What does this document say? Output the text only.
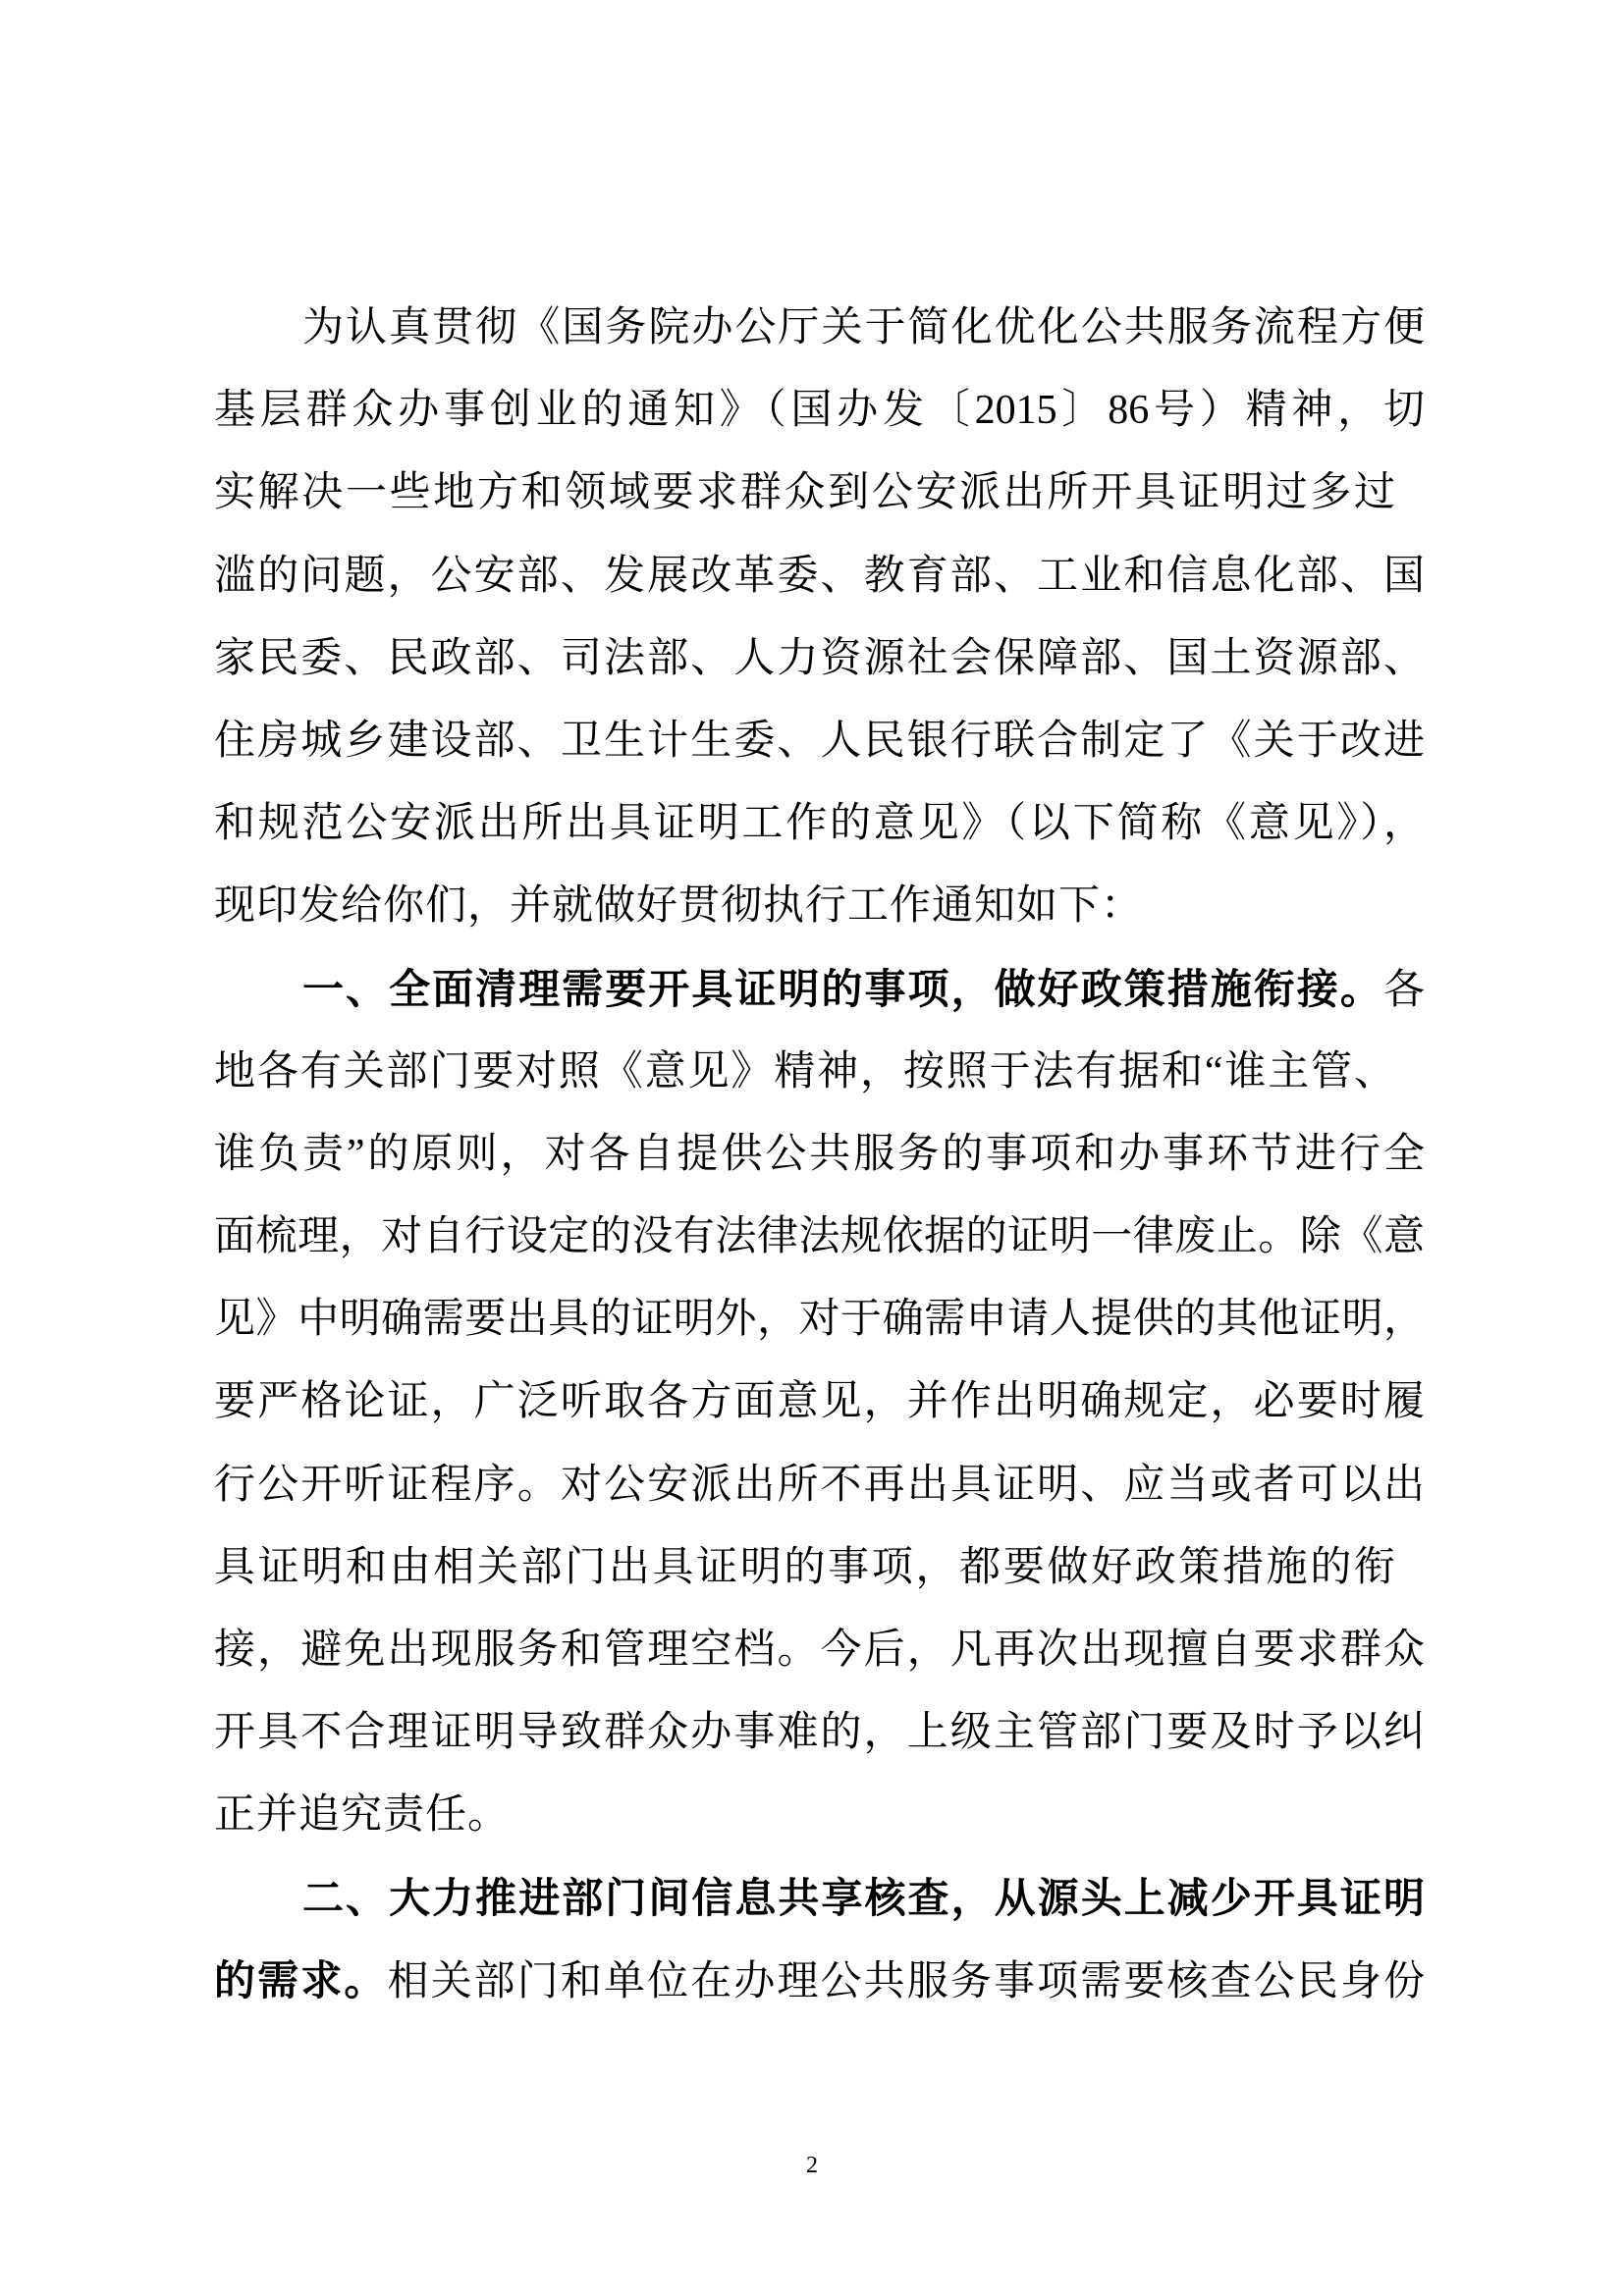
为认真贯彻《国务院办公厅关于简化优化公共服务流程方便
基层群众办事创业的通知》（国办发〔2015〕86号）精神，切
实解决一些地方和领域要求群众到公安派出所开具证明过多过
滥的问题，公安部、发展改革委、教育部、工业和信息化部、国
家民委、民政部、司法部、人力资源社会保障部、国土资源部、
住房城乡建设部、卫生计生委、人民银行联合制定了《关于改进
和规范公安派出所出具证明工作的意见》（以下简称《意见》），
现印发给你们，并就做好贯彻执行工作通知如下：
一、全面清理需要开具证明的事项，做好政策措施衔接。各
地各有关部门要对照《意见》精神，按照于法有据和“谁主管、
谁负责”的原则，对各自提供公共服务的事项和办事环节进行全
面梳理，对自行设定的没有法律法规依据的证明一律废止。除《意
见》中明确需要出具的证明外，对于确需申请人提供的其他证明，
要严格论证，广泛听取各方面意见，并作出明确规定，必要时履
行公开听证程序。对公安派出所不再出具证明、应当或者可以出
具证明和由相关部门出具证明的事项，都要做好政策措施的衔
接，避免出现服务和管理空档。今后，凡再次出现擅自要求群众
开具不合理证明导致群众办事难的，上级主管部门要及时予以纠
正并追究责任。
二、大力推进部门间信息共享核查，从源头上减少开具证明
的需求。相关部门和单位在办理公共服务事项需要核查公民身份
2
